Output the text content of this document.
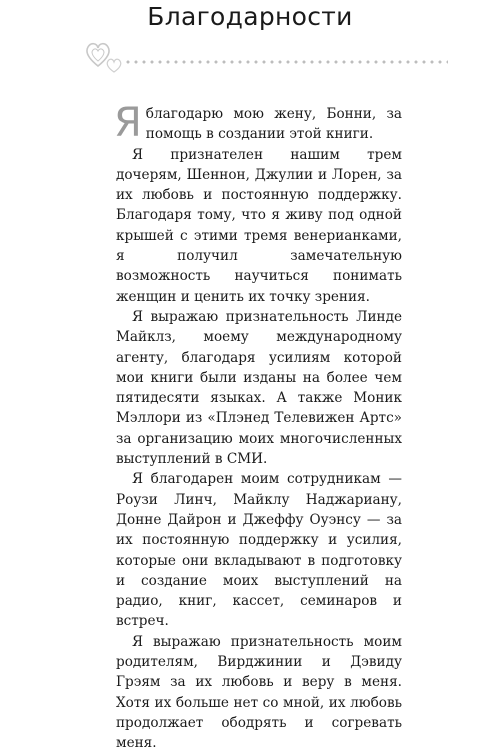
Благодарности

Я благодарю мою жену, Бонни, за помощь в создании этой книги.

Я признателен нашим трем дочерям, Шеннон, Джулии и Лорен, за их любовь и постоянную поддержку. Благодаря тому, что я живу под одной крышей с этими тремя венерианками, я получил замечательную возможность научиться понимать женщин и ценить их точку зрения.

Я выражаю признательность Линде Майклз, моему международному агенту, благодаря усилиям которой мои книги были изданы на более чем пятидесяти языках. А также Моник Мэллори из «Плэнед Телевижен Артс» за организацию моих многочисленных выступлений в СМИ.

Я благодарен моим сотрудникам — Роузи Линч, Майклу Наджариану, Донне Дайрон и Джеффу Оуэнсу — за их постоянную поддержку и усилия, которые они вкладывают в подготовку и создание моих выступлений на радио, книг, кассет, семинаров и встреч.

Я выражаю признательность моим родителям, Вирджинии и Дэвиду Грэям за их любовь и веру в меня. Хотя их больше нет со мной, их любовь продолжает ободрять и согревать меня.
